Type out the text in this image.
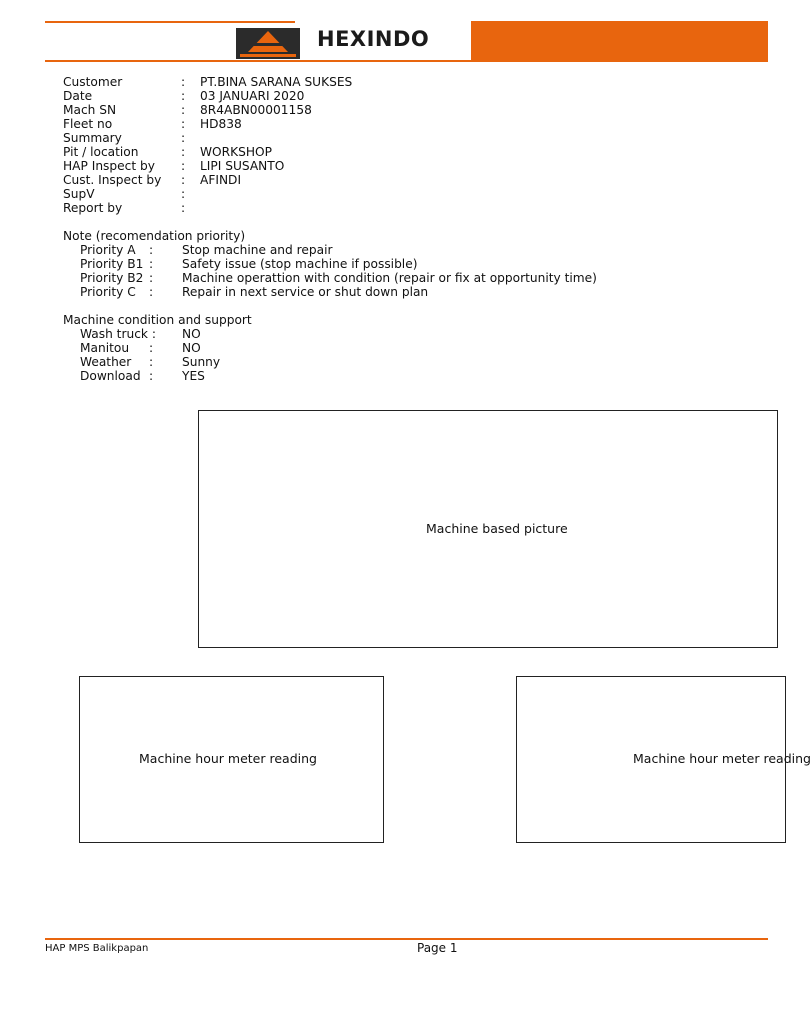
HEXINDO
Customer	: PT.BINA SARANA SUKSES
Date	: 03 JANUARI 2020
Mach SN	: 8R4ABN00001158
Fleet no	: HD838
Summary	:
Pit / location	: WORKSHOP
HAP Inspect by : LIPI SUSANTO
Cust. Inspect by : AFINDI
SupV	:
Report by	:
Note (recomendation priority)
Priority A : Stop machine and repair
Priority B1 : Safety issue (stop machine if possible)
Priority B2 : Machine operattion with condition (repair or fix at opportunity time)
Priority C : Repair in next service or shut down plan
Machine condition and support
Wash truck : NO
Manitou : NO
Weather : Sunny
Download : YES
Machine based picture
Machine hour meter reading	Machine hour meter reading
HAP MPS Balikpapan	Page 1
